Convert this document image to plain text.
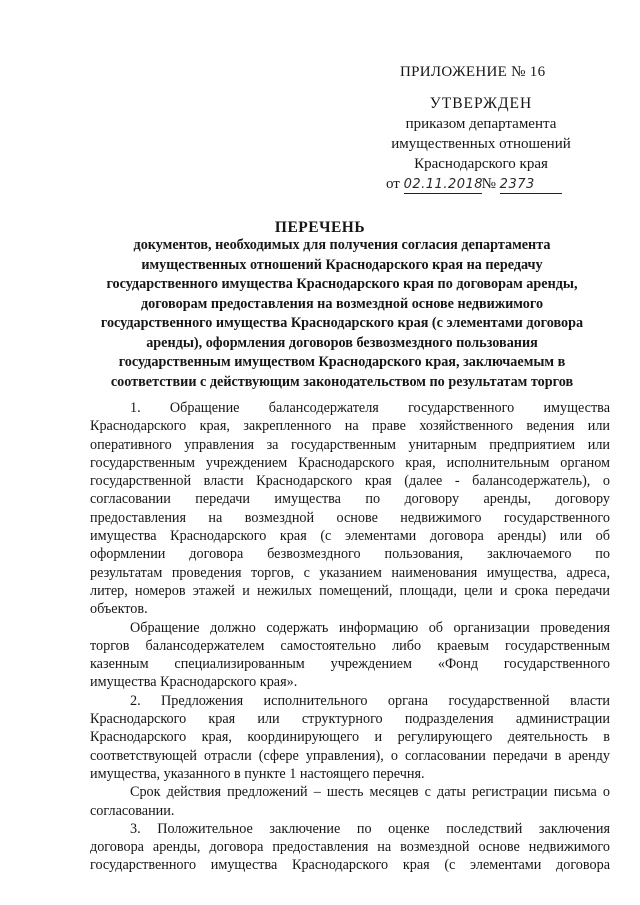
ПРИЛОЖЕНИЕ № 16
УТВЕРЖДЕН
приказом департамента
имущественных отношений
Краснодарского края
от 02.11.2018№ 2373
ПЕРЕЧЕНЬ
документов, необходимых для получения согласия департамента
имущественных отношений Краснодарского края на передачу
государственного имущества Краснодарского края по договорам аренды,
договорам предоставления на возмездной основе недвижимого
государственного имущества Краснодарского края (с элементами договора
аренды), оформления договоров безвозмездного пользования
государственным имуществом Краснодарского края, заключаемым в
соответствии с действующим законодательством по результатам торгов
1. Обращение балансодержателя государственного имущества
Краснодарского края, закрепленного на праве хозяйственного ведения или
оперативного управления за государственным унитарным предприятием или
государственным учреждением Краснодарского края, исполнительным органом
государственной власти Краснодарского края (далее - балансодержатель), о
согласовании передачи имущества по договору аренды, договору
предоставления на возмездной основе недвижимого государственного
имущества Краснодарского края (с элементами договора аренды) или об
оформлении договора безвозмездного пользования, заключаемого по
результатам проведения торгов, с указанием наименования имущества, адреса,
литер, номеров этажей и нежилых помещений, площади, цели и срока передачи
объектов.
Обращение должно содержать информацию об организации проведения
торгов балансодержателем самостоятельно либо краевым государственным
казенным специализированным учреждением «Фонд государственного
имущества Краснодарского края».
2. Предложения исполнительного органа государственной власти
Краснодарского края или структурного подразделения администрации
Краснодарского края, координирующего и регулирующего деятельность в
соответствующей отрасли (сфере управления), о согласовании передачи в аренду
имущества, указанного в пункте 1 настоящего перечня.
Срок действия предложений – шесть месяцев с даты регистрации письма о
согласовании.
3. Положительное заключение по оценке последствий заключения
договора аренды, договора предоставления на возмездной основе недвижимого
государственного имущества Краснодарского края (с элементами договора
